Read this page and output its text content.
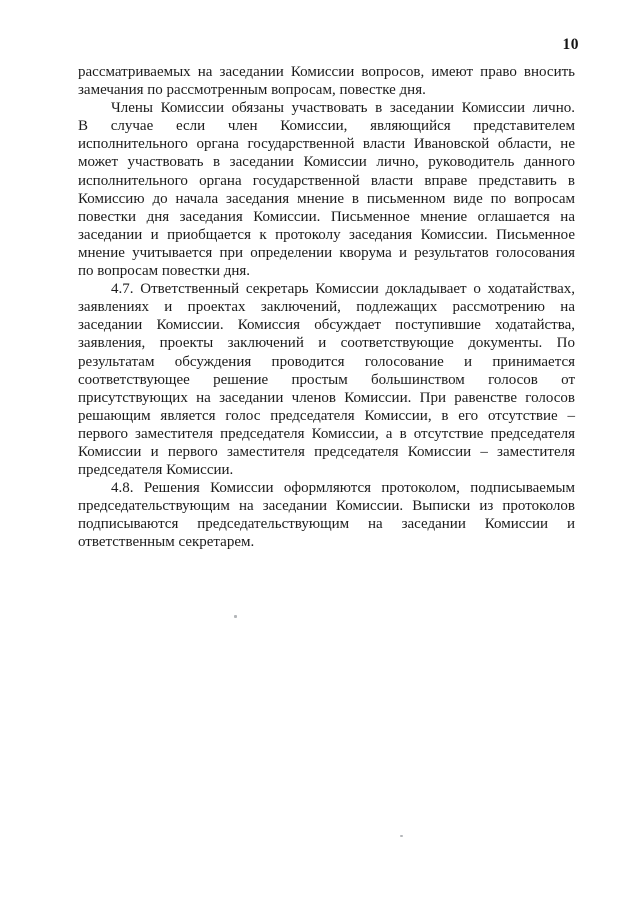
10
рассматриваемых на заседании Комиссии вопросов, имеют право вносить
замечания по рассмотренным вопросам, повестке дня.
Члены Комиссии обязаны участвовать в заседании Комиссии лично.
В случае если член Комиссии, являющийся представителем
исполнительного органа государственной власти Ивановской области, не
может участвовать в заседании Комиссии лично, руководитель данного
исполнительного органа государственной власти вправе представить в
Комиссию до начала заседания мнение в письменном виде по вопросам
повестки дня заседания Комиссии. Письменное мнение оглашается на
заседании и приобщается к протоколу заседания Комиссии. Письменное
мнение учитывается при определении кворума и результатов голосования
по вопросам повестки дня.
4.7. Ответственный секретарь Комиссии докладывает о ходатайствах,
заявлениях и проектах заключений, подлежащих рассмотрению на
заседании Комиссии. Комиссия обсуждает поступившие ходатайства,
заявления, проекты заключений и соответствующие документы. По
результатам обсуждения проводится голосование и принимается
соответствующее решение простым большинством голосов от
присутствующих на заседании членов Комиссии. При равенстве голосов
решающим является голос председателя Комиссии, в его отсутствие –
первого заместителя председателя Комиссии, а в отсутствие председателя
Комиссии и первого заместителя председателя Комиссии – заместителя
председателя Комиссии.
4.8. Решения Комиссии оформляются протоколом, подписываемым
председательствующим на заседании Комиссии. Выписки из протоколов
подписываются председательствующим на заседании Комиссии и
ответственным секретарем.
